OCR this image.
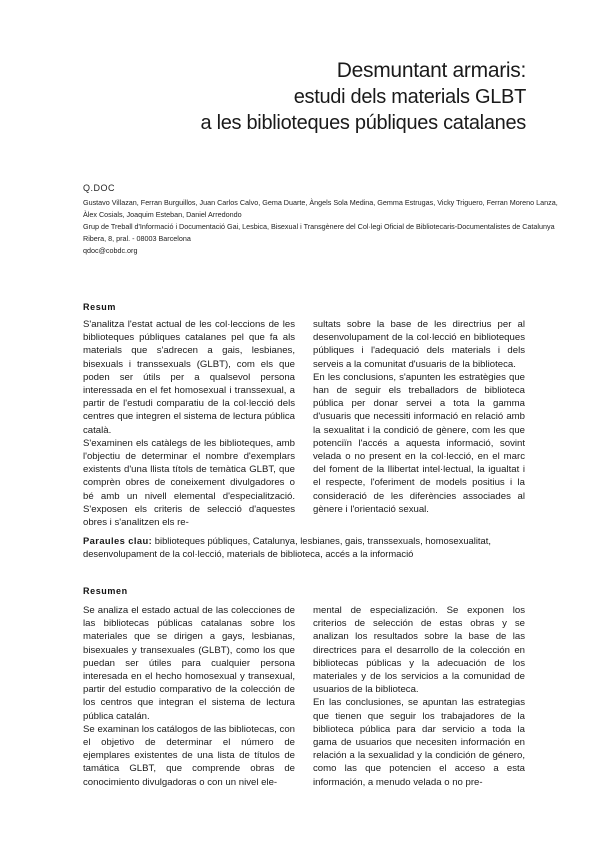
Desmuntant armaris:
estudi dels materials GLBT
a les biblioteques públiques catalanes
Q.DOC
Gustavo Villazan, Ferran Burguillos, Juan Carlos Calvo, Gema Duarte, Àngels Sola Medina, Gemma Estrugas, Vicky Triguero, Ferran Moreno Lanza,
Àlex Cosials, Joaquim Esteban, Daniel Arredondo
Grup de Treball d'Informació i Documentació Gai, Lesbica, Bisexual i Transgènere del Col·legi Oficial de Bibliotecaris-Documentalistes de Catalunya
Ribera, 8, pral. - 08003 Barcelona
qdoc@cobdc.org
Resum

S'analitza l'estat actual de les col·leccions de les biblioteques públiques catalanes pel que fa als materials que s'adrecen a gais, lesbianes, bisexuals i transsexuals (GLBT), com els que poden ser útils per a qualsevol persona interessada en el fet homosexual i transsexual, a partir de l'estudi comparatiu de la col·lecció dels centres que integren el sistema de lectura pública català.

S'examinen els catàlegs de les biblioteques, amb l'objectiu de determinar el nombre d'exemplars existents d'una llista títols de temàtica GLBT, que comprèn obres de coneixement divulgadores o bé amb un nivell elemental d'especialització. S'exposen els criteris de selecció d'aquestes obres i s'analitzen els re-

sultats sobre la base de les directrius per al desenvolupament de la col·lecció en biblioteques públiques i l'adequació dels materials i dels serveis a la comunitat d'usuaris de la biblioteca.

En les conclusions, s'apunten les estratègies que han de seguir els treballadors de biblioteca pública per donar servei a tota la gamma d'usuaris que necessiti informació en relació amb la sexualitat i la condició de gènere, com les que potenciïn l'accés a aquesta informació, sovint velada o no present en la col·lecció, en el marc del foment de la llibertat intel·lectual, la igualtat i el respecte, l'oferiment de models positius i la consideració de les diferències associades al gènere i l'orientació sexual.

Paraules clau: biblioteques públiques, Catalunya, lesbianes, gais, transsexuals, homosexualitat, desenvolupament de la col·lecció, materials de biblioteca, accés a la informació
Resumen

Se analiza el estado actual de las colecciones de las bibliotecas públicas catalanas sobre los materiales que se dirigen a gays, lesbianas, bisexuales y transexuales (GLBT), como los que puedan ser útiles para cualquier persona interesada en el hecho homosexual y transexual, partir del estudio comparativo de la colección de los centros que integran el sistema de lectura pública catalán.

Se examinan los catálogos de las bibliotecas, con el objetivo de determinar el número de ejemplares existentes de una lista de títulos de tamática GLBT, que comprende obras de conocimiento divulgadoras o con un nivel ele-

mental de especialización. Se exponen los criterios de selección de estas obras y se analizan los resultados sobre la base de las directrices para el desarrollo de la colección en bibliotecas públicas y la adecuación de los materiales y de los servicios a la comunidad de usuarios de la biblioteca.

En las conclusiones, se apuntan las estrategias que tienen que seguir los trabajadores de la biblioteca pública para dar servicio a toda la gama de usuarios que necesiten información en relación a la sexualidad y la condición de género, como las que potencien el acceso a esta información, a menudo velada o no pre-
